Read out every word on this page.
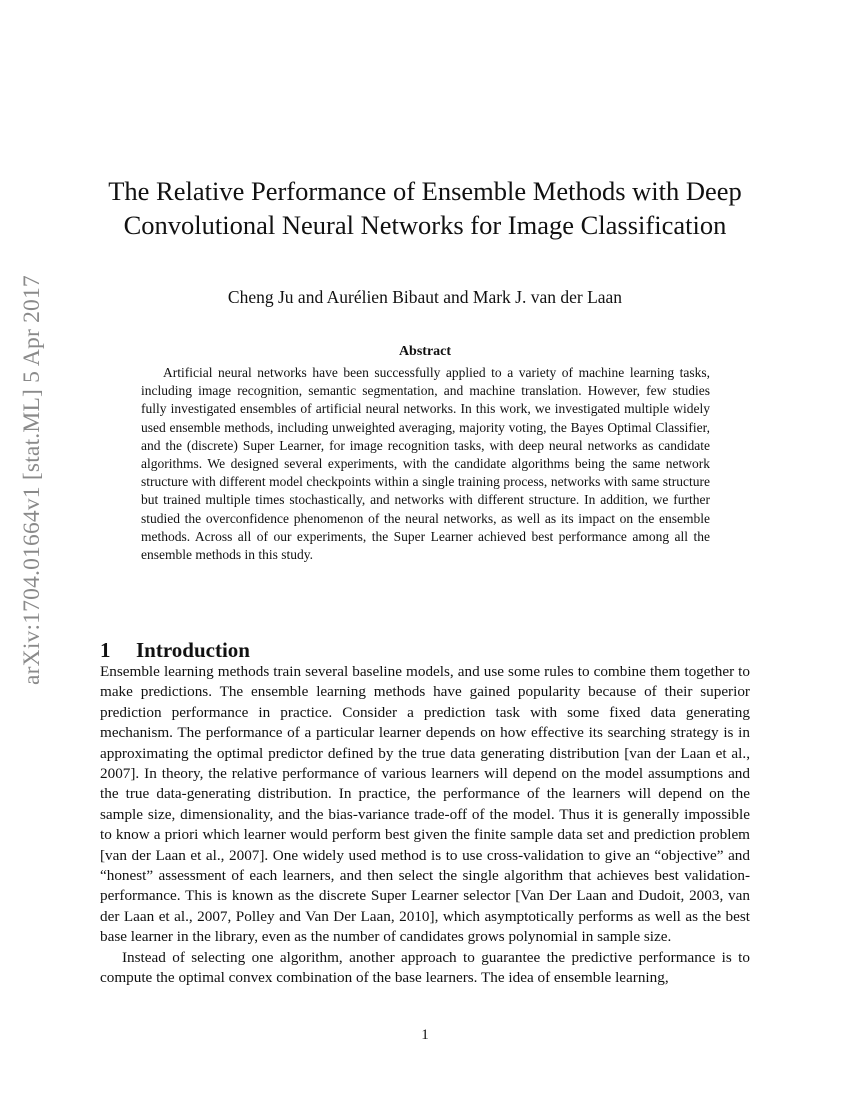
arXiv:1704.01664v1 [stat.ML] 5 Apr 2017
The Relative Performance of Ensemble Methods with Deep Convolutional Neural Networks for Image Classification
Cheng Ju and Aurélien Bibaut and Mark J. van der Laan
Abstract

Artificial neural networks have been successfully applied to a variety of machine learning tasks, including image recognition, semantic segmentation, and machine translation. However, few studies fully investigated ensembles of artificial neural networks. In this work, we investigated multiple widely used ensemble methods, including unweighted averaging, majority voting, the Bayes Optimal Classifier, and the (discrete) Super Learner, for image recognition tasks, with deep neural networks as candidate algorithms. We designed several experiments, with the candidate algorithms being the same network structure with different model checkpoints within a single training process, networks with same structure but trained multiple times stochastically, and networks with different structure. In addition, we further studied the overconfidence phenomenon of the neural networks, as well as its impact on the ensemble methods. Across all of our experiments, the Super Learner achieved best performance among all the ensemble methods in this study.

1 Introduction

Ensemble learning methods train several baseline models, and use some rules to combine them together to make predictions. The ensemble learning methods have gained popularity because of their superior prediction performance in practice. Consider a prediction task with some fixed data generating mechanism. The performance of a particular learner depends on how effective its searching strategy is in approximating the optimal predictor defined by the true data generating distribution [van der Laan et al., 2007]. In theory, the relative performance of various learners will depend on the model assumptions and the true data-generating distribution. In practice, the performance of the learners will depend on the sample size, dimensionality, and the bias-variance trade-off of the model. Thus it is generally impossible to know a priori which learner would perform best given the finite sample data set and prediction problem [van der Laan et al., 2007]. One widely used method is to use cross-validation to give an “objective” and “honest” assessment of each learners, and then select the single algorithm that achieves best validation-performance. This is known as the discrete Super Learner selector [Van Der Laan and Dudoit, 2003, van der Laan et al., 2007, Polley and Van Der Laan, 2010], which asymptotically performs as well as the best base learner in the library, even as the number of candidates grows polynomial in sample size.

Instead of selecting one algorithm, another approach to guarantee the predictive performance is to compute the optimal convex combination of the base learners. The idea of ensemble learning,

1
